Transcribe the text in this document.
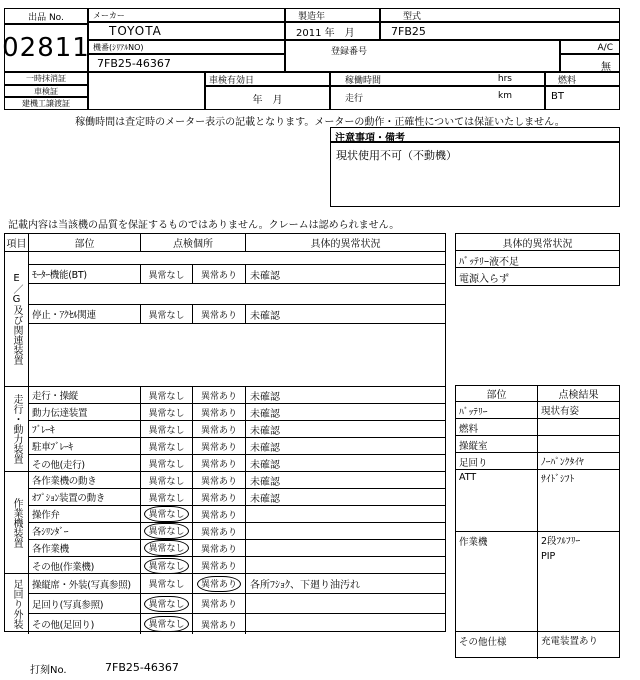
出品 No.
02811
メーカー
TOYOTA
製造年
2011 年　月
型式
7FB25
機番(ｼﾘｱﾙNO)
7FB25-46367
登録番号	A/C
無
一時抹消証
車検証
建機工譲渡証
車検有効日
年　月
稼働時間	hrs
走行	km
燃料
BT
稼働時間は査定時のメーター表示の記載となります。メーターの動作・正確性については保証いたしません。
注意事項・備考
現状使用不可（不動機）
記載内容は当該機の品質を保証するものではありません。クレームは認められません。
項目	部位	点検個所	具体的異常状況
E／G及び関連装置	ﾓｰﾀｰ機能(BT)	異常なし 異常あり	未確認
停止・ｱｸｾﾙ関連	異常なし 異常あり	未確認
走行・動力装置	走行・操縦	異常なし 異常あり	未確認
動力伝達装置	異常なし 異常あり	未確認
ﾌﾞﾚｰｷ	異常なし 異常あり	未確認
駐車ﾌﾞﾚｰｷ	異常なし 異常あり	未確認
その他(走行)	異常なし 異常あり	未確認
作業機装置
各作業機の動き	異常なし 異常あり	未確認
ｵﾌﾟｼｮﾝ装置の動き	異常なし 異常あり	未確認
操作弁	異常なし	異常あり
各ｼﾘﾝﾀﾞｰ	異常なし	異常あり
各作業機	異常なし	異常あり
その他(作業機)	異常なし	異常あり
足回り外装	操縦席・外装(写真参照)	異常なし	異常あり	各所ﾌｼｮｸ、下廻り油汚れ
足回り(写真参照)	異常なし	異常あり
その他(足回り)	異常なし	異常あり
具体的異常状況
ﾊﾞｯﾃﾘｰ液不足
電源入らず
部位	点検結果
ﾊﾞｯﾃﾘｰ	現状有姿
燃料
操縦室
足回り	ﾉｰﾊﾟﾝｸﾀｲﾔ
ATT	ｻｲﾄﾞｼﾌﾄ
作業機	2段ﾌﾙﾌﾘｰ
PIP
その他仕様	充電装置あり
打刻No.	7FB25-46367
